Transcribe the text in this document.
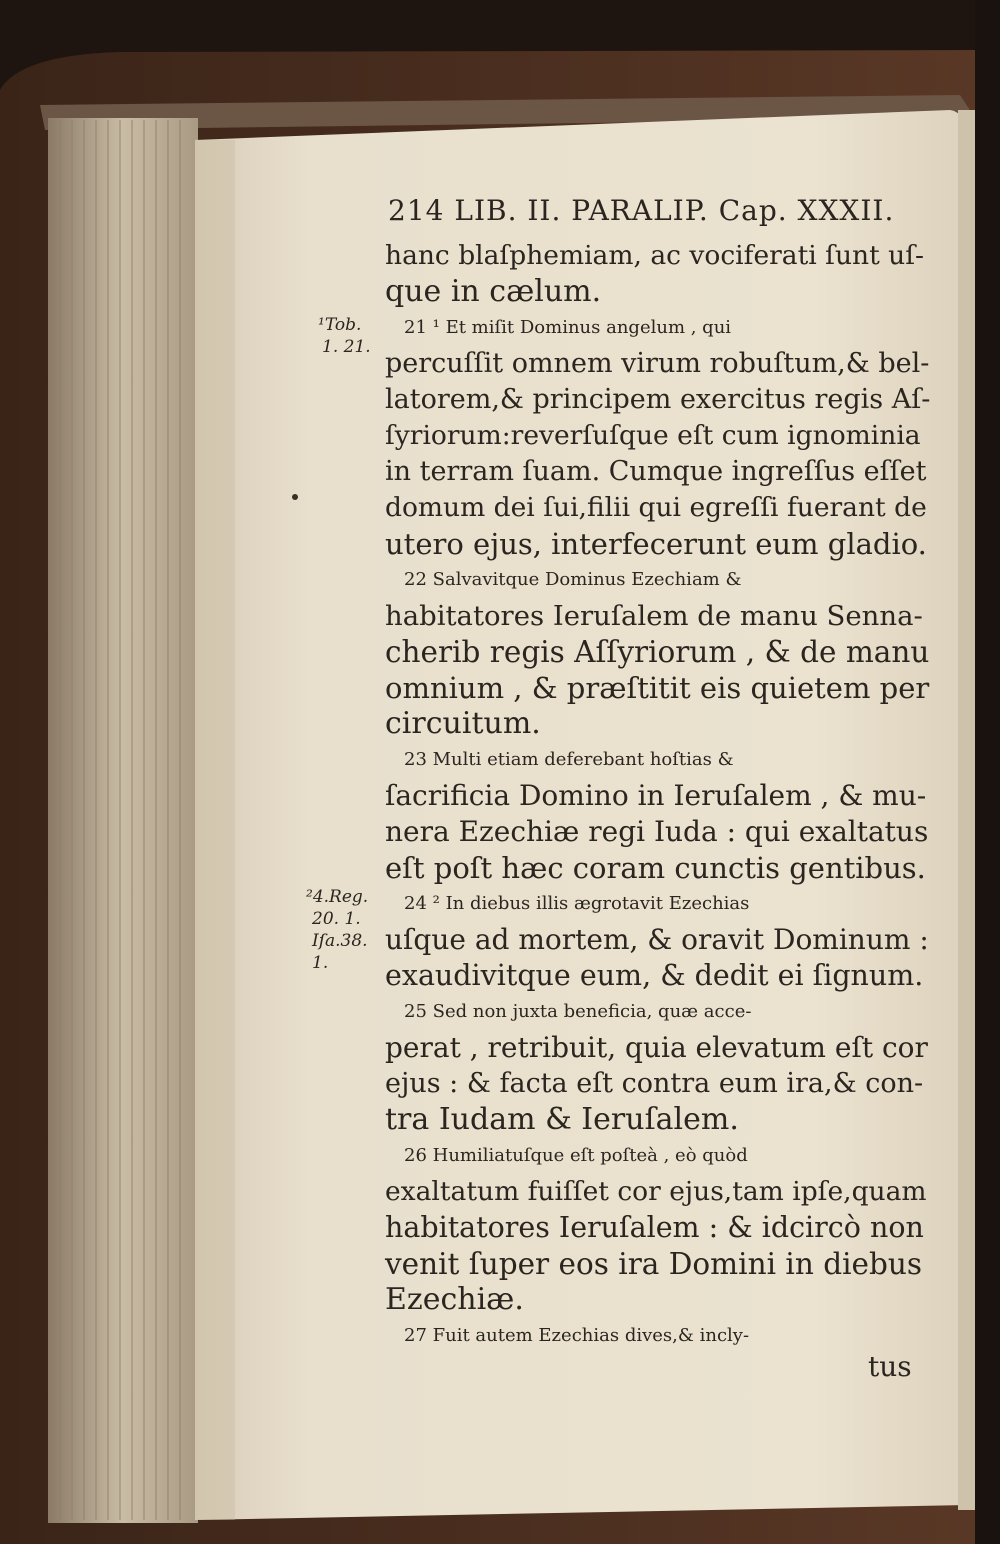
214 LIB. II. PARALIP. Cap. XXXII.
hanc blaſphemiam, ac vociferati ſunt uſ-
que in cælum.
21 ¹ Et miſit Dominus angelum , qui
percuſſit omnem virum robuſtum,& bel-
latorem,& principem exercitus regis Aſ-
ſyriorum:reverſuſque eſt cum ignominia
in terram ſuam. Cumque ingreſſus eſſet
domum dei ſui,filii qui egreſſi fuerant de
utero ejus, interfecerunt eum gladio.
22 Salvavitque Dominus Ezechiam &
habitatores Ieruſalem de manu Senna-
cherib regis Aſſyriorum , & de manu
omnium , & præſtitit eis quietem per
circuitum.
23 Multi etiam deferebant hoſtias &
ſacrificia Domino in Ieruſalem , & mu-
nera Ezechiæ regi Iuda : qui exaltatus
eſt poſt hæc coram cunctis gentibus.
24 ² In diebus illis ægrotavit Ezechias
uſque ad mortem, & oravit Dominum :
exaudivitque eum, & dedit ei ſignum.
25 Sed non juxta beneficia, quæ acce-
perat , retribuit, quia elevatum eſt cor
ejus : & facta eſt contra eum ira,& con-
tra Iudam & Ieruſalem.
26 Humiliatuſque eſt poſteà , eò quòd
exaltatum fuiſſet cor ejus,tam ipſe,quam
habitatores Ieruſalem : & idcircò non
venit ſuper eos ira Domini in diebus
Ezechiæ.
27 Fuit autem Ezechias dives,& incly-
tus
¹Tob.
1. 21.
²4.Reg.
20. 1.
Iſa.38.
1.
